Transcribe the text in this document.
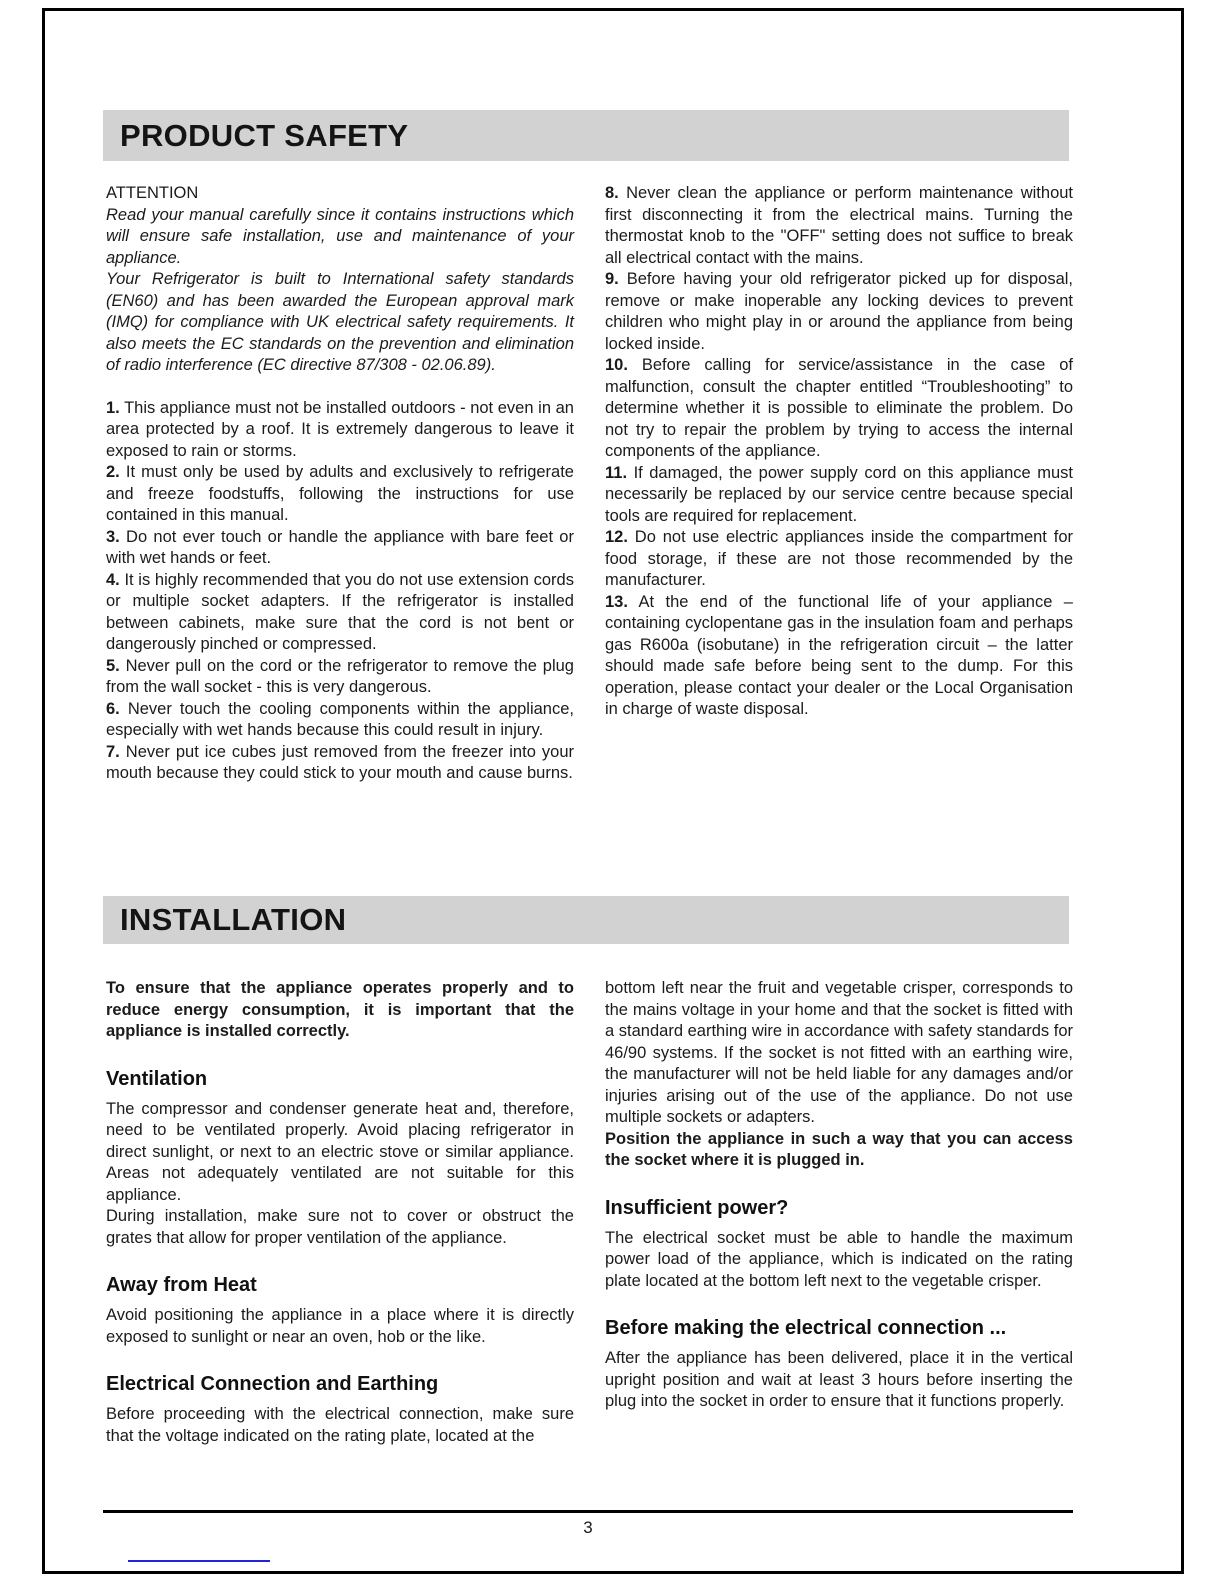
PRODUCT SAFETY

ATTENTION

Read your manual carefully since it contains instructions which will ensure safe installation, use and maintenance of your appliance.

Your Refrigerator is built to International safety standards (EN60) and has been awarded the European approval mark (IMQ) for compliance with UK electrical safety requirements. It also meets the EC standards on the prevention and elimination of radio interference (EC directive 87/308 - 02.06.89).

1. This appliance must not be installed outdoors - not even in an area protected by a roof. It is extremely dangerous to leave it exposed to rain or storms.

2. It must only be used by adults and exclusively to refrigerate and freeze foodstuffs, following the instructions for use contained in this manual.

3. Do not ever touch or handle the appliance with bare feet or with wet hands or feet.

4. It is highly recommended that you do not use extension cords or multiple socket adapters. If the refrigerator is installed between cabinets, make sure that the cord is not bent or dangerously pinched or compressed.

5. Never pull on the cord or the refrigerator to remove the plug from the wall socket - this is very dangerous.

6. Never touch the cooling components within the appliance, especially with wet hands because this could result in injury.

7. Never put ice cubes just removed from the freezer into your mouth because they could stick to your mouth and cause burns.

8. Never clean the appliance or perform maintenance without first disconnecting it from the electrical mains. Turning the thermostat knob to the "OFF" setting does not suffice to break all electrical contact with the mains.

9. Before having your old refrigerator picked up for disposal, remove or make inoperable any locking devices to prevent children who might play in or around the appliance from being locked inside.

10. Before calling for service/assistance in the case of malfunction, consult the chapter entitled “Troubleshooting” to determine whether it is possible to eliminate the problem. Do not try to repair the problem by trying to access the internal components of the appliance.

11. If damaged, the power supply cord on this appliance must necessarily be replaced by our service centre because special tools are required for replacement.

12. Do not use electric appliances inside the compartment for food storage, if these are not those recommended by the manufacturer.

13. At the end of the functional life of your appliance – containing cyclopentane gas in the insulation foam and perhaps gas R600a (isobutane) in the refrigeration circuit – the latter should made safe before being sent to the dump. For this operation, please contact your dealer or the Local Organisation in charge of waste disposal.

INSTALLATION

To ensure that the appliance operates properly and to reduce energy consumption, it is important that the appliance is installed correctly.

Ventilation

The compressor and condenser generate heat and, therefore, need to be ventilated properly. Avoid placing refrigerator in direct sunlight, or next to an electric stove or similar appliance. Areas not adequately ventilated are not suitable for this appliance.

During installation, make sure not to cover or obstruct the grates that allow for proper ventilation of the appliance.

Away from Heat

Avoid positioning the appliance in a place where it is directly exposed to sunlight or near an oven, hob or the like.

Electrical Connection and Earthing

Before proceeding with the electrical connection, make sure that the voltage indicated on the rating plate, located at the

bottom left near the fruit and vegetable crisper, corresponds to the mains voltage in your home and that the socket is fitted with a standard earthing wire in accordance with safety standards for 46/90 systems. If the socket is not fitted with an earthing wire, the manufacturer will not be held liable for any damages and/or injuries arising out of the use of the appliance. Do not use multiple sockets or adapters.

Position the appliance in such a way that you can access the socket where it is plugged in.

Insufficient power?

The electrical socket must be able to handle the maximum power load of the appliance, which is indicated on the rating plate located at the bottom left next to the vegetable crisper.

Before making the electrical connection ...

After the appliance has been delivered, place it in the vertical upright position and wait at least 3 hours before inserting the plug into the socket in order to ensure that it functions properly.

3
